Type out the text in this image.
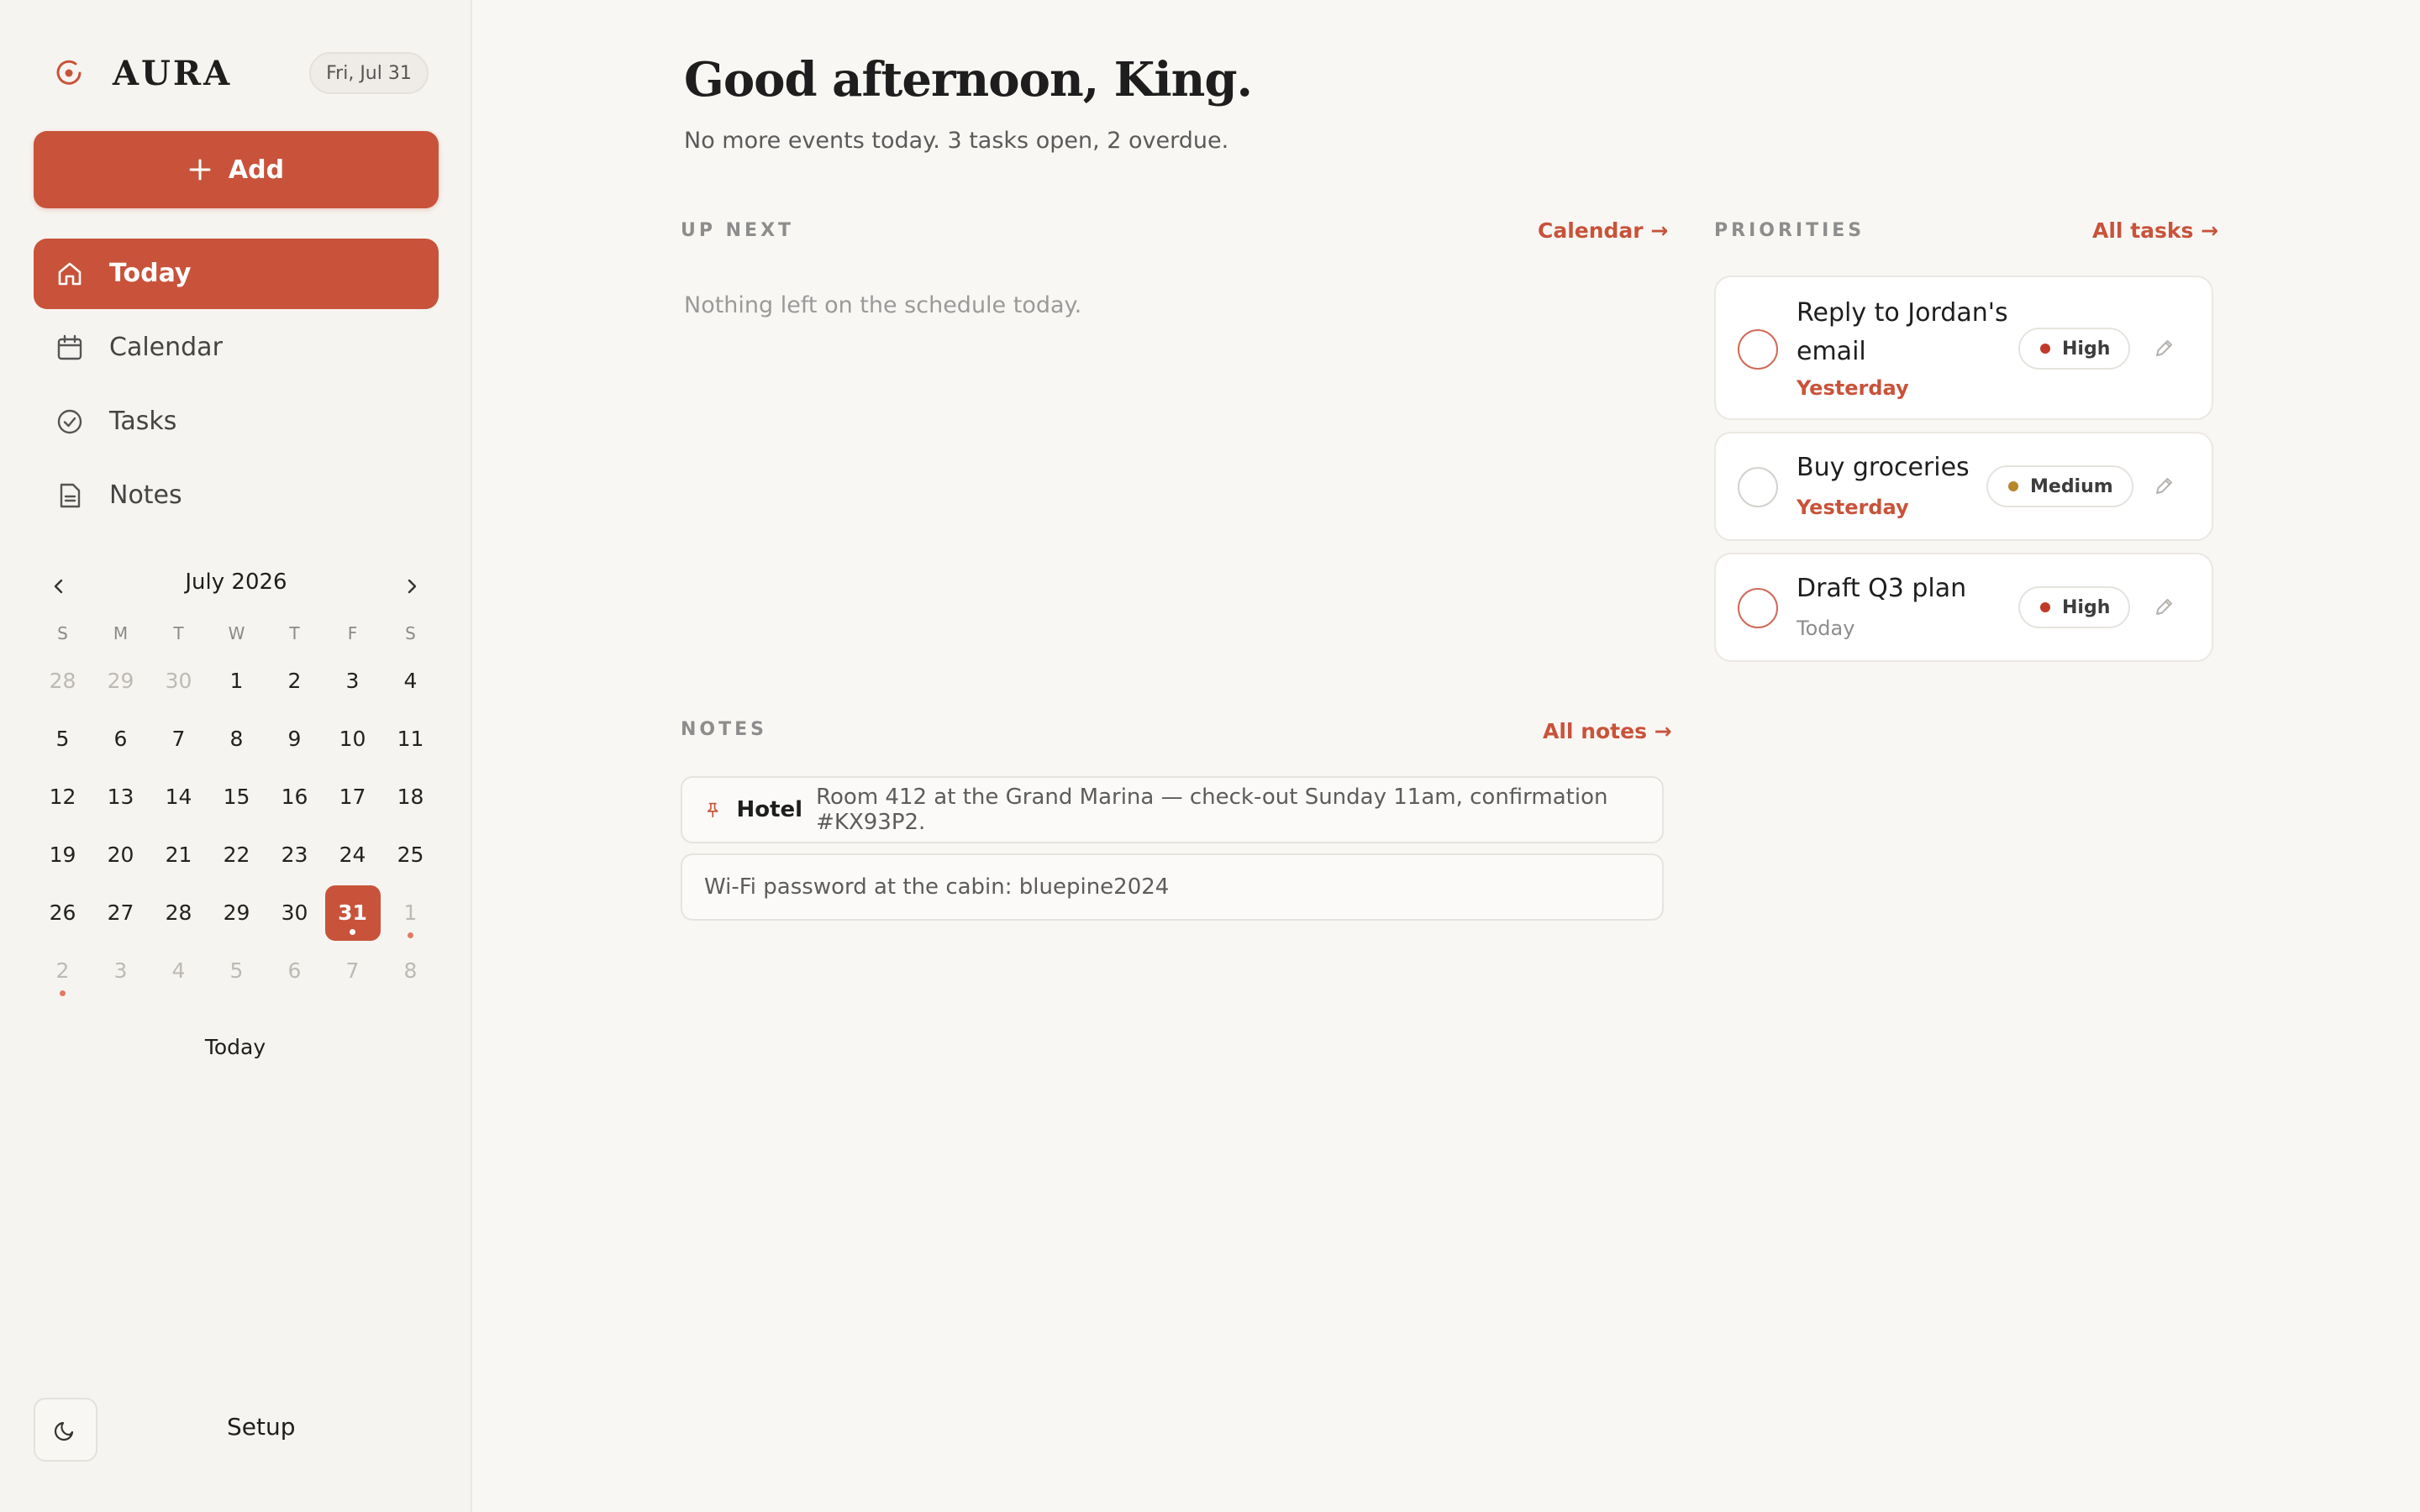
AURA	Fri, Jul 31
Add
Today
Calendar
Tasks
Notes
July 2026
S	M	T	W	T	F	S
28 29 30 1 2 3 4
5 6 7 8 9 10 11
12 13 14 15 16 17 18
19 20 21 22 23 24 25
26 27 28 29 30	31	1
2 3 4 5 6 7 8
Today
Setup
Good afternoon, King.

No more events today. 3 tasks open, 2 overdue.

UP NEXT	Calendar →
Nothing left on the schedule today.
PRIORITIES	All tasks →
Reply to Jordan's
email
Yesterday
High
Buy groceries
Yesterday
Medium
Draft Q3 plan
Today
High
NOTES	All notes →
Hotel Room 412 at the Grand Marina — check-out Sunday 11am, confirmation #KX93P2.
Wi-Fi password at the cabin: bluepine2024
